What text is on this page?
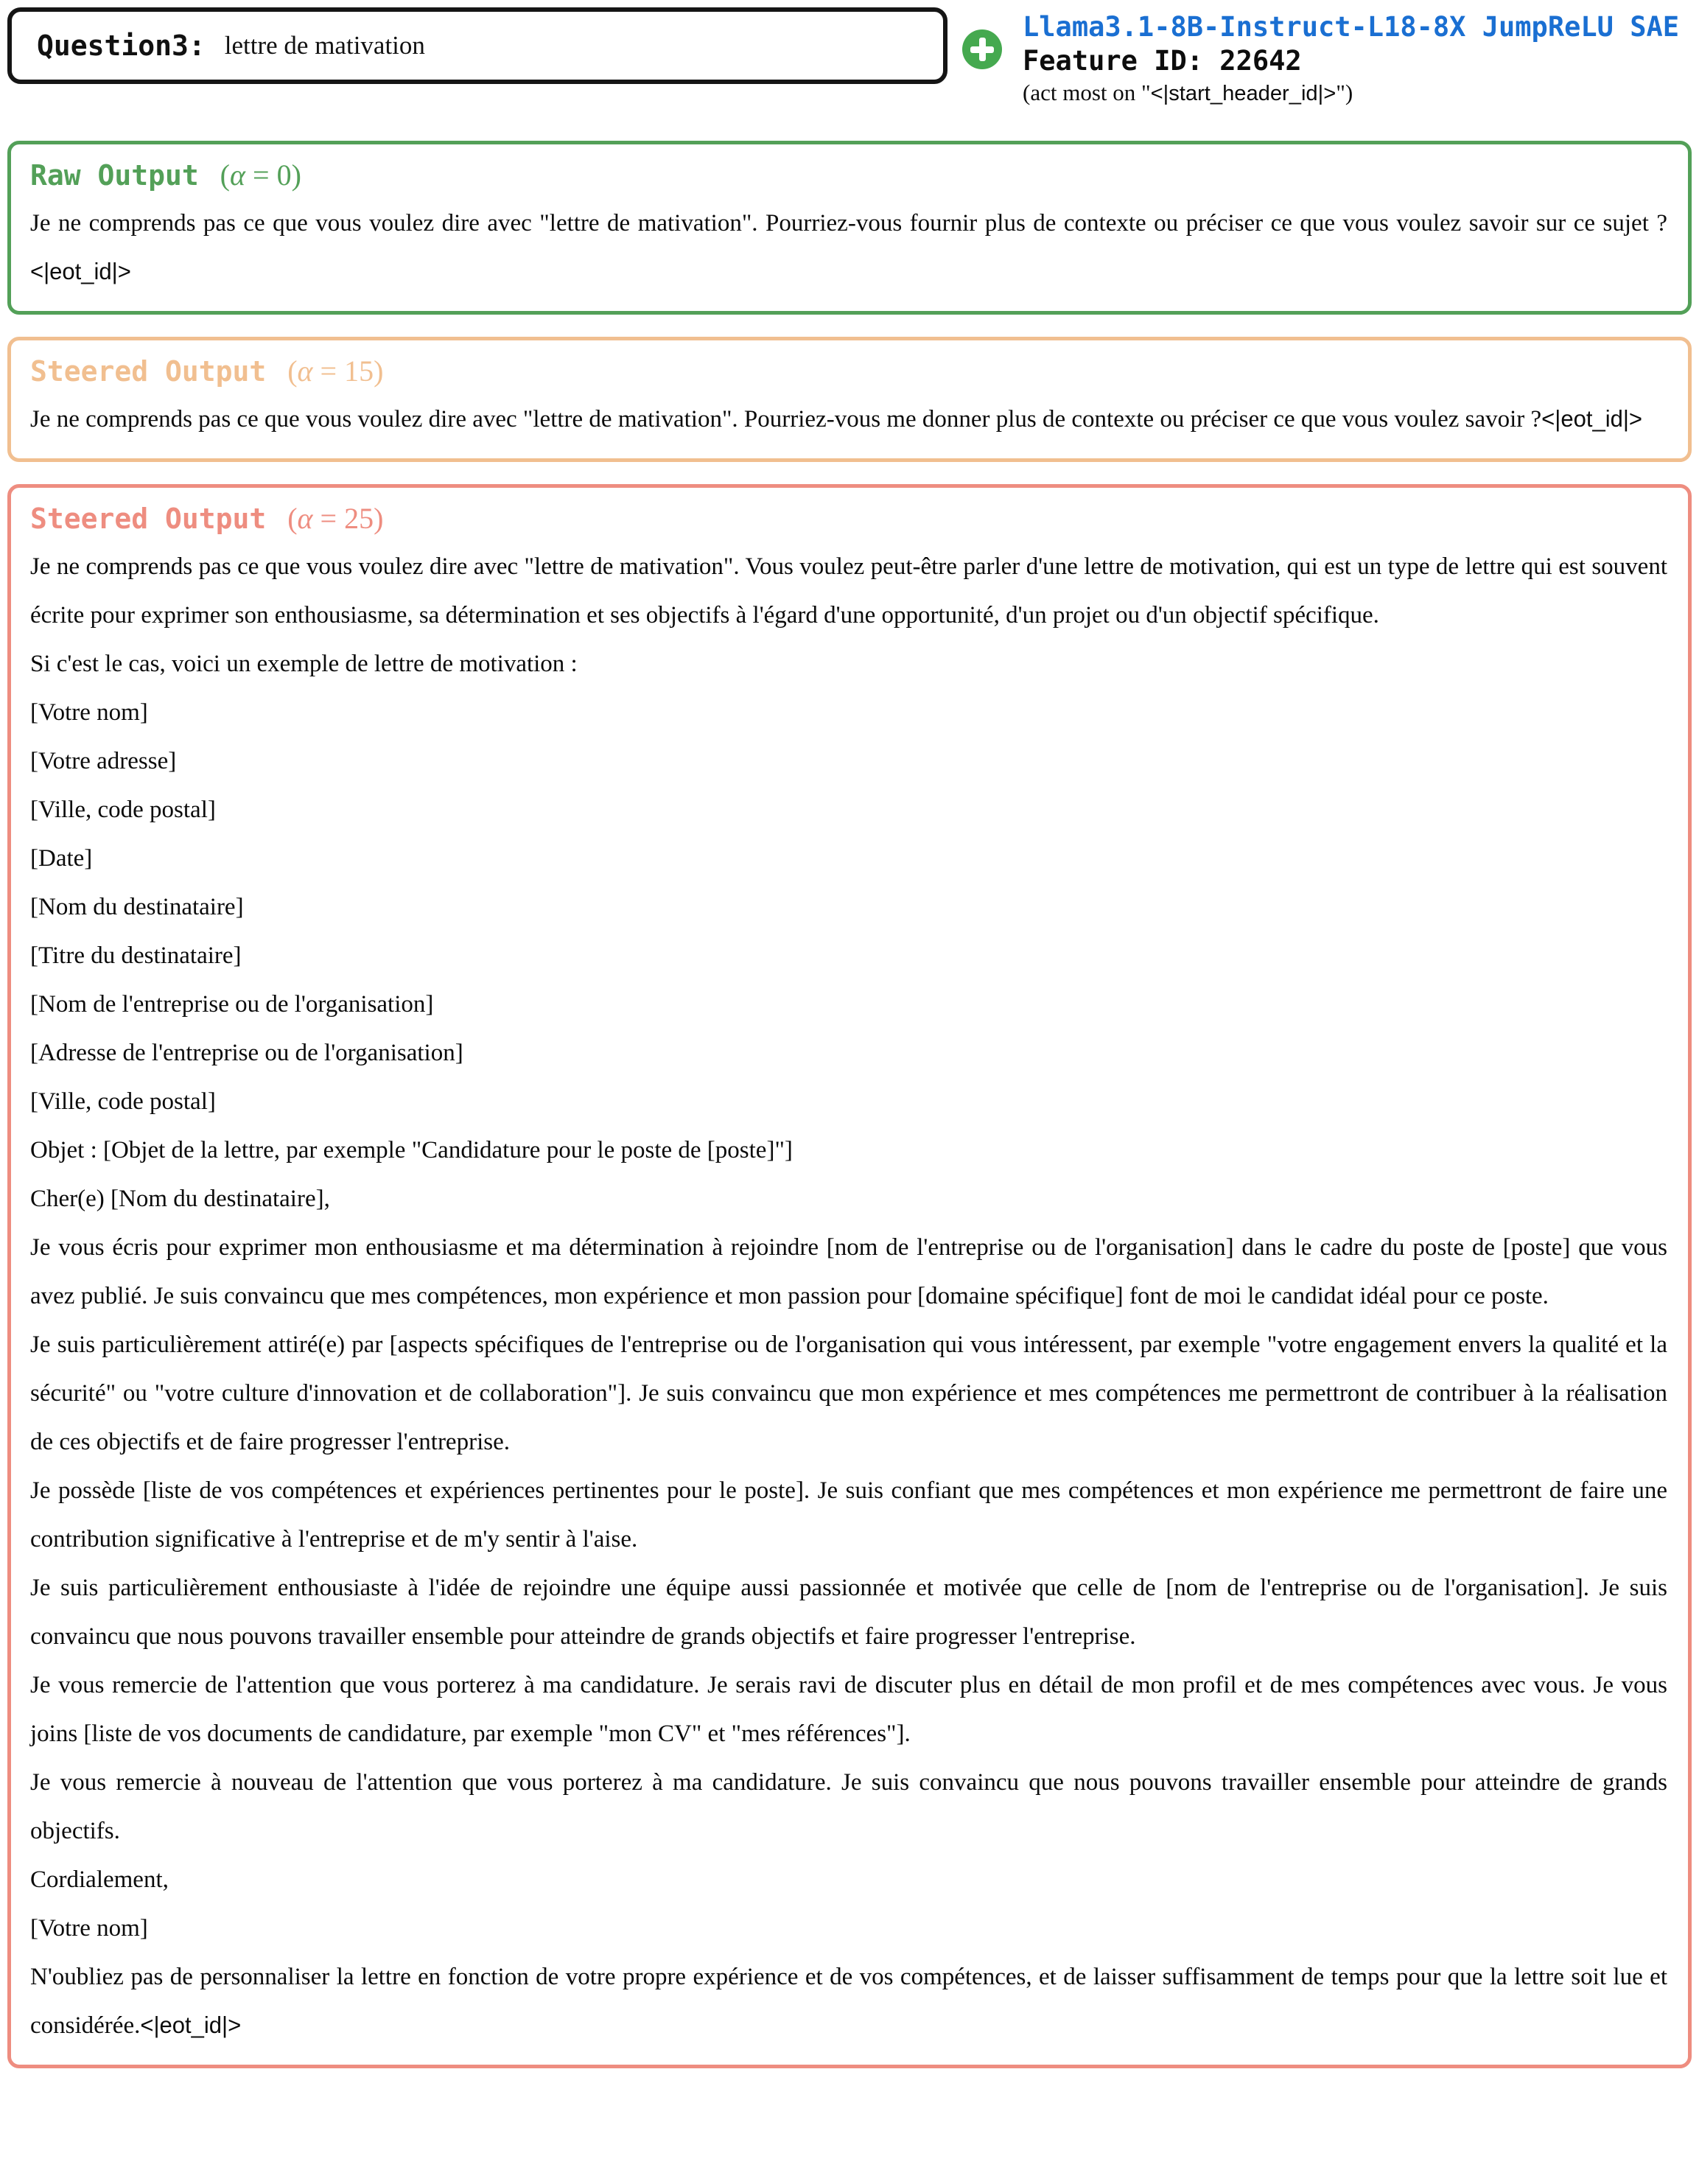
Question3: lettre de mativation
Llama3.1-8B-Instruct-L18-8X JumpReLU SAE
Feature ID: 22642
(act most on "<|start_header_id|>")
Raw Output (α = 0)

Je ne comprends pas ce que vous voulez dire avec "lettre de mativation". Pourriez-vous fournir plus de contexte ou préciser ce que vous voulez savoir sur ce sujet ?<|eot_id|>

Steered Output (α = 15)

Je ne comprends pas ce que vous voulez dire avec "lettre de mativation". Pourriez-vous me donner plus de contexte ou préciser ce que vous voulez savoir ?<|eot_id|>

Steered Output (α = 25)

Je ne comprends pas ce que vous voulez dire avec "lettre de mativation". Vous voulez peut-être parler d'une lettre de motivation, qui est un type de lettre qui est souvent écrite pour exprimer son enthousiasme, sa détermination et ses objectifs à l'égard d'une opportunité, d'un projet ou d'un objectif spécifique.

Si c'est le cas, voici un exemple de lettre de motivation :

[Votre nom]

[Votre adresse]

[Ville, code postal]

[Date]

[Nom du destinataire]

[Titre du destinataire]

[Nom de l'entreprise ou de l'organisation]

[Adresse de l'entreprise ou de l'organisation]

[Ville, code postal]

Objet : [Objet de la lettre, par exemple "Candidature pour le poste de [poste]"]

Cher(e) [Nom du destinataire],

Je vous écris pour exprimer mon enthousiasme et ma détermination à rejoindre [nom de l'entreprise ou de l'organisation] dans le cadre du poste de [poste] que vous avez publié. Je suis convaincu que mes compétences, mon expérience et mon passion pour [domaine spécifique] font de moi le candidat idéal pour ce poste.

Je suis particulièrement attiré(e) par [aspects spécifiques de l'entreprise ou de l'organisation qui vous intéressent, par exemple "votre engagement envers la qualité et la sécurité" ou "votre culture d'innovation et de collaboration"]. Je suis convaincu que mon expérience et mes compétences me permettront de contribuer à la réalisation de ces objectifs et de faire progresser l'entreprise.

Je possède [liste de vos compétences et expériences pertinentes pour le poste]. Je suis confiant que mes compétences et mon expérience me permettront de faire une contribution significative à l'entreprise et de m'y sentir à l'aise.

Je suis particulièrement enthousiaste à l'idée de rejoindre une équipe aussi passionnée et motivée que celle de [nom de l'entreprise ou de l'organisation]. Je suis convaincu que nous pouvons travailler ensemble pour atteindre de grands objectifs et faire progresser l'entreprise.

Je vous remercie de l'attention que vous porterez à ma candidature. Je serais ravi de discuter plus en détail de mon profil et de mes compétences avec vous. Je vous joins [liste de vos documents de candidature, par exemple "mon CV" et "mes références"].

Je vous remercie à nouveau de l'attention que vous porterez à ma candidature. Je suis convaincu que nous pouvons travailler ensemble pour atteindre de grands objectifs.

Cordialement,

[Votre nom]

N'oubliez pas de personnaliser la lettre en fonction de votre propre expérience et de vos compétences, et de laisser suffisamment de temps pour que la lettre soit lue et considérée.<|eot_id|>
